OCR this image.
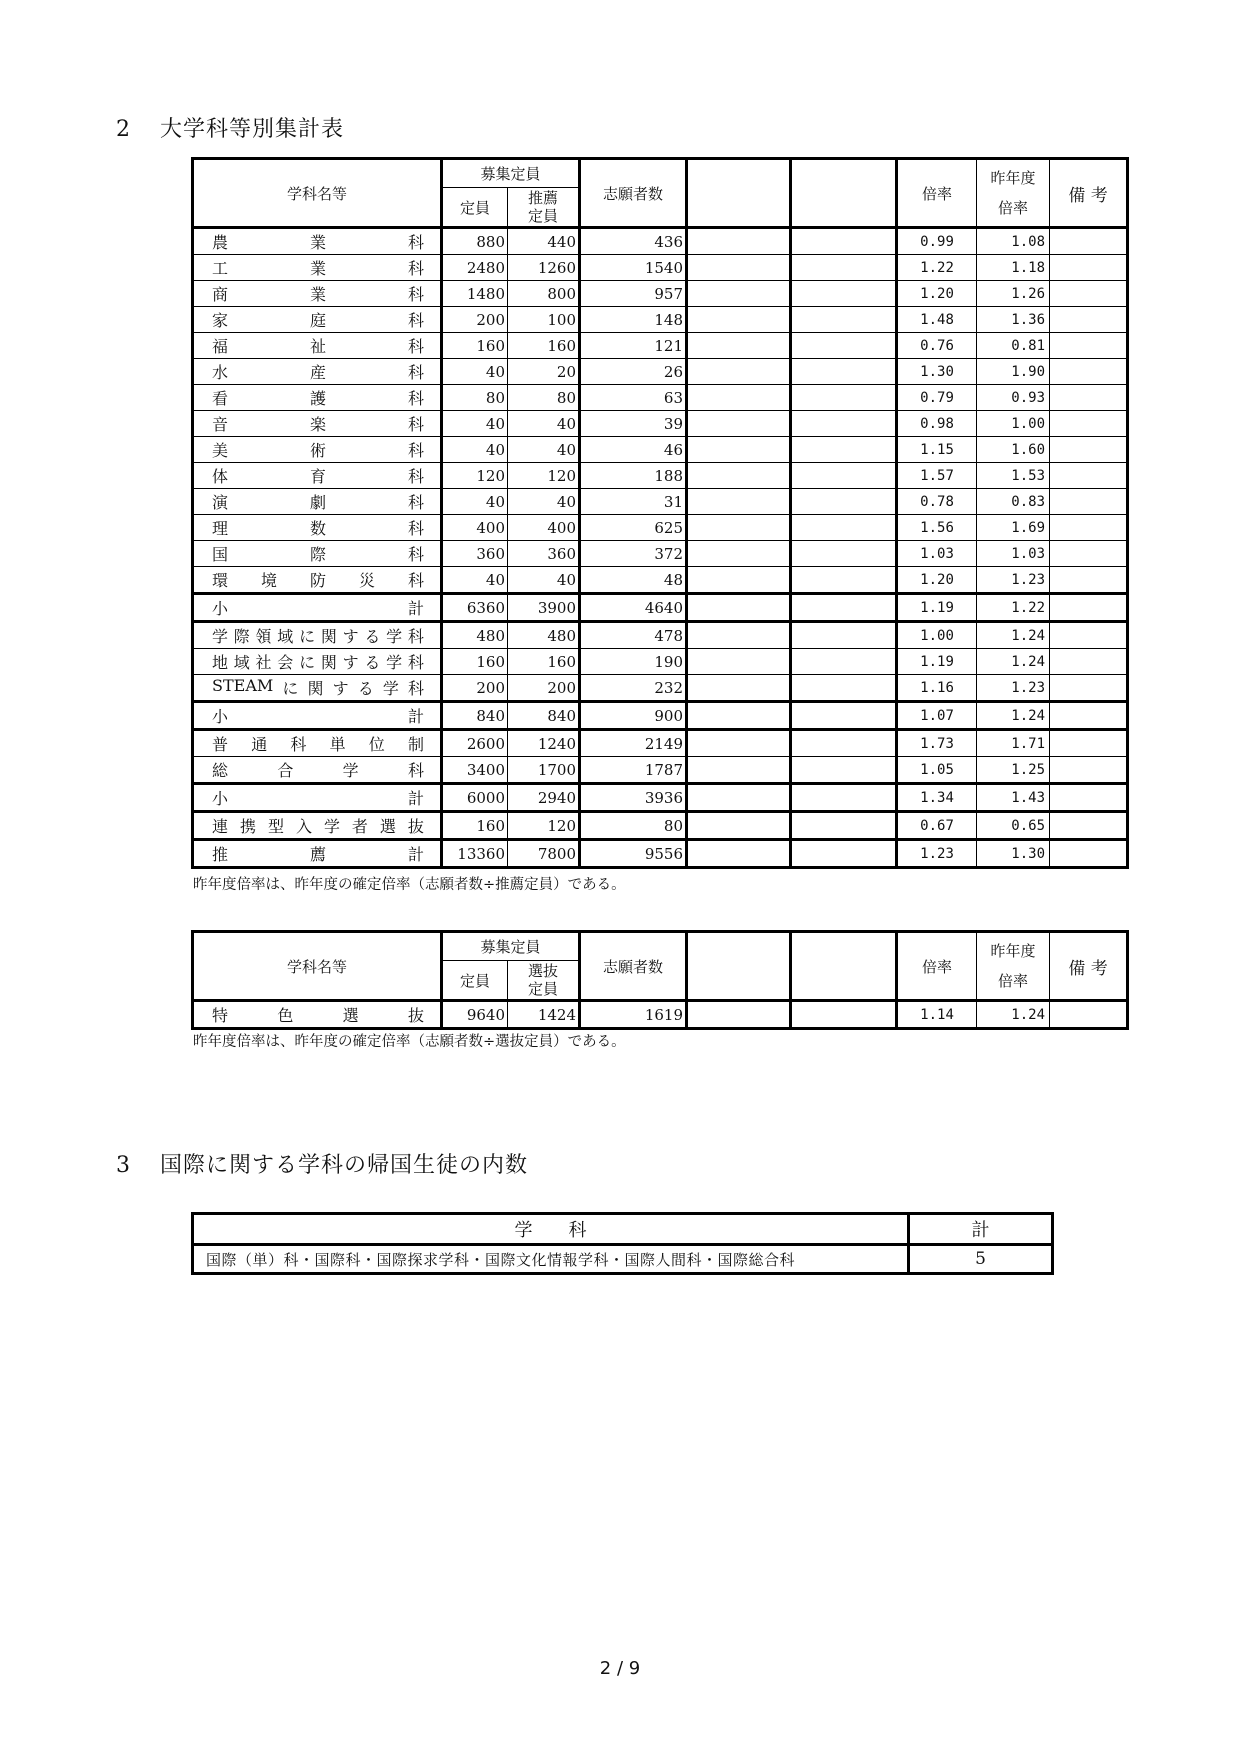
2 大学科等別集計表
学科名等	募集定員		志願者数			倍率	昨年度
倍率	備 考
	定員	推薦
定員						

農 業 科	880	440	436			0.99	1.08	

工 業 科	2480	1260	1540			1.22	1.18	

商 業 科	1480	800	957			1.20	1.26	

家 庭 科	200	100	148			1.48	1.36	

福 祉 科	160	160	121			0.76	0.81	

水 産 科	40	20	26			1.30	1.90	

看 護 科	80	80	63			0.79	0.93	

音 楽 科	40	40	39			0.98	1.00	

美 術 科	40	40	46			1.15	1.60	

体 育 科	120	120	188			1.57	1.53	

演 劇 科	40	40	31			0.78	0.83	

理 数 科	400	400	625			1.56	1.69	

国 際 科	360	360	372			1.03	1.03	

環 境 防 災 科	40	40	48			1.20	1.23	

小 計	6360	3900	4640			1.19	1.22	

学 際 領 域 に 関 す る 学 科	480	480	478			1.00	1.24	

地 域 社 会 に 関 す る 学 科	160	160	190			1.19	1.24	

STEAM に 関 す る 学 科	200	200	232			1.16	1.23	

小 計	840	840	900			1.07	1.24	

普 通 科 単 位 制	2600	1240	2149			1.73	1.71	

総 合 学 科	3400	1700	1787			1.05	1.25	

小 計	6000	2940	3936			1.34	1.43	

連 携 型 入 学 者 選 抜	160	120	80			0.67	0.65	

推 薦 計	13360	7800	9556			1.23	1.30	
昨年度倍率は、昨年度の確定倍率（志願者数÷推薦定員）である。
学科名等	募集定員		志願者数			倍率	昨年度
倍率	備 考
	定員	選抜
定員						

特 色 選 抜	9640	1424	1619			1.14	1.24	
昨年度倍率は、昨年度の確定倍率（志願者数÷選抜定員）である。
3 国際に関する学科の帰国生徒の内数
学　　科	計
国際（単）科・国際科・国際探求学科・国際文化情報学科・国際人間科・国際総合科	5
2 / 9
